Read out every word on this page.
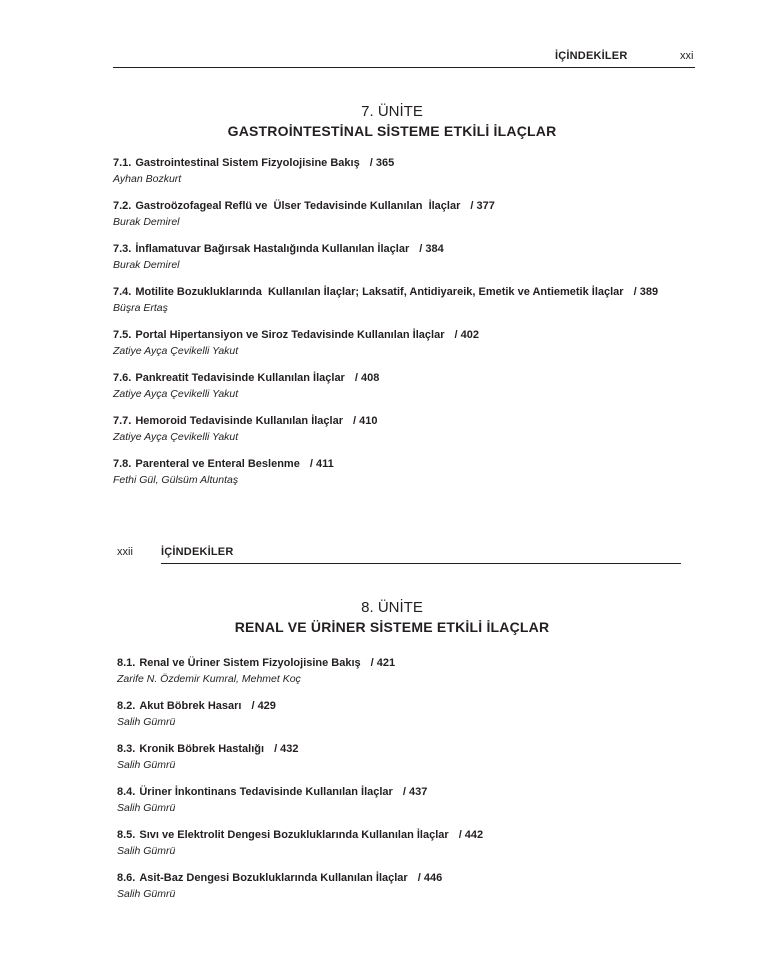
İÇİNDEKİLER	xxi
7. ÜNİTE
GASTROİNTESTİNAL SİSTEME ETKİLİ İLAÇLAR
7.1. Gastrointestinal Sistem Fizyolojisine Bakış / 365
Ayhan Bozkurt
7.2. Gastroözofageal Reflü ve  Ülser Tedavisinde Kullanılan  İlaçlar / 377
Burak Demirel
7.3. İnflamatuvar Bağırsak Hastalığında Kullanılan İlaçlar / 384
Burak Demirel
7.4. Motilite Bozukluklarında  Kullanılan İlaçlar; Laksatif, Antidiyareik, Emetik ve Antiemetik İlaçlar / 389
Büşra Ertaş
7.5. Portal Hipertansiyon ve Siroz Tedavisinde Kullanılan İlaçlar / 402
Zatiye Ayça Çevikelli Yakut
7.6. Pankreatit Tedavisinde Kullanılan İlaçlar / 408
Zatiye Ayça Çevikelli Yakut
7.7. Hemoroid Tedavisinde Kullanılan İlaçlar / 410
Zatiye Ayça Çevikelli Yakut
7.8. Parenteral ve Enteral Beslenme / 411
Fethi Gül, Gülsüm Altuntaş
xxii	İÇİNDEKİLER
8. ÜNİTE
RENAL VE ÜRİNER SİSTEME ETKİLİ İLAÇLAR
8.1. Renal ve Üriner Sistem Fizyolojisine Bakış / 421
Zarife N. Özdemir Kumral, Mehmet Koç
8.2. Akut Böbrek Hasarı / 429
Salih Gümrü
8.3. Kronik Böbrek Hastalığı / 432
Salih Gümrü
8.4. Üriner İnkontinans Tedavisinde Kullanılan İlaçlar / 437
Salih Gümrü
8.5. Sıvı ve Elektrolit Dengesi Bozukluklarında Kullanılan İlaçlar / 442
Salih Gümrü
8.6. Asit-Baz Dengesi Bozukluklarında Kullanılan İlaçlar / 446
Salih Gümrü
